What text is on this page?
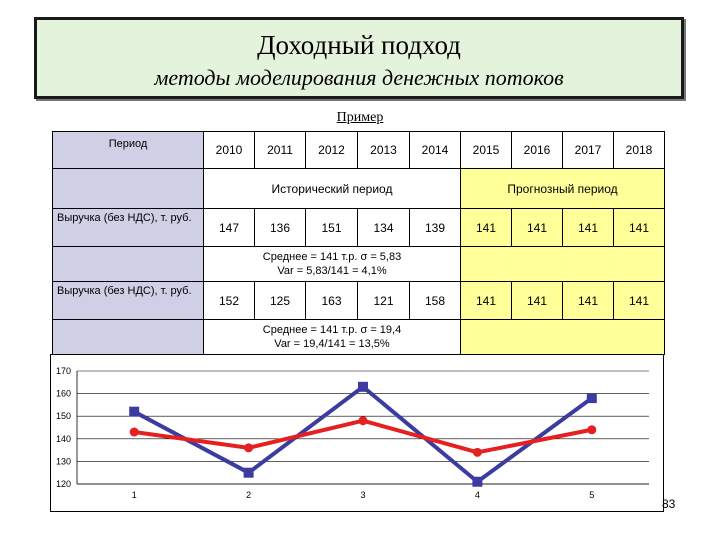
Доходный подход
методы моделирования денежных потоков
Пример
Период	2010	2011	2012	2013	2014	2015	2016	2017	2018
	Исторический период					Прогнозный период			
Выручка (без НДС), т. руб.	147	136	151	134	139	141	141	141	141

	Среднее = 141 т.р. σ = 5,83
Var = 5,83/141 = 4,1%								

Выручка (без НДС), т. руб.	152	125	163	121	158	141	141	141	141

	Среднее = 141 т.р. σ = 19,4
Var = 19,4/141 = 13,5%								

120
130
140
150
160
170
1	2	3	4	5
83
